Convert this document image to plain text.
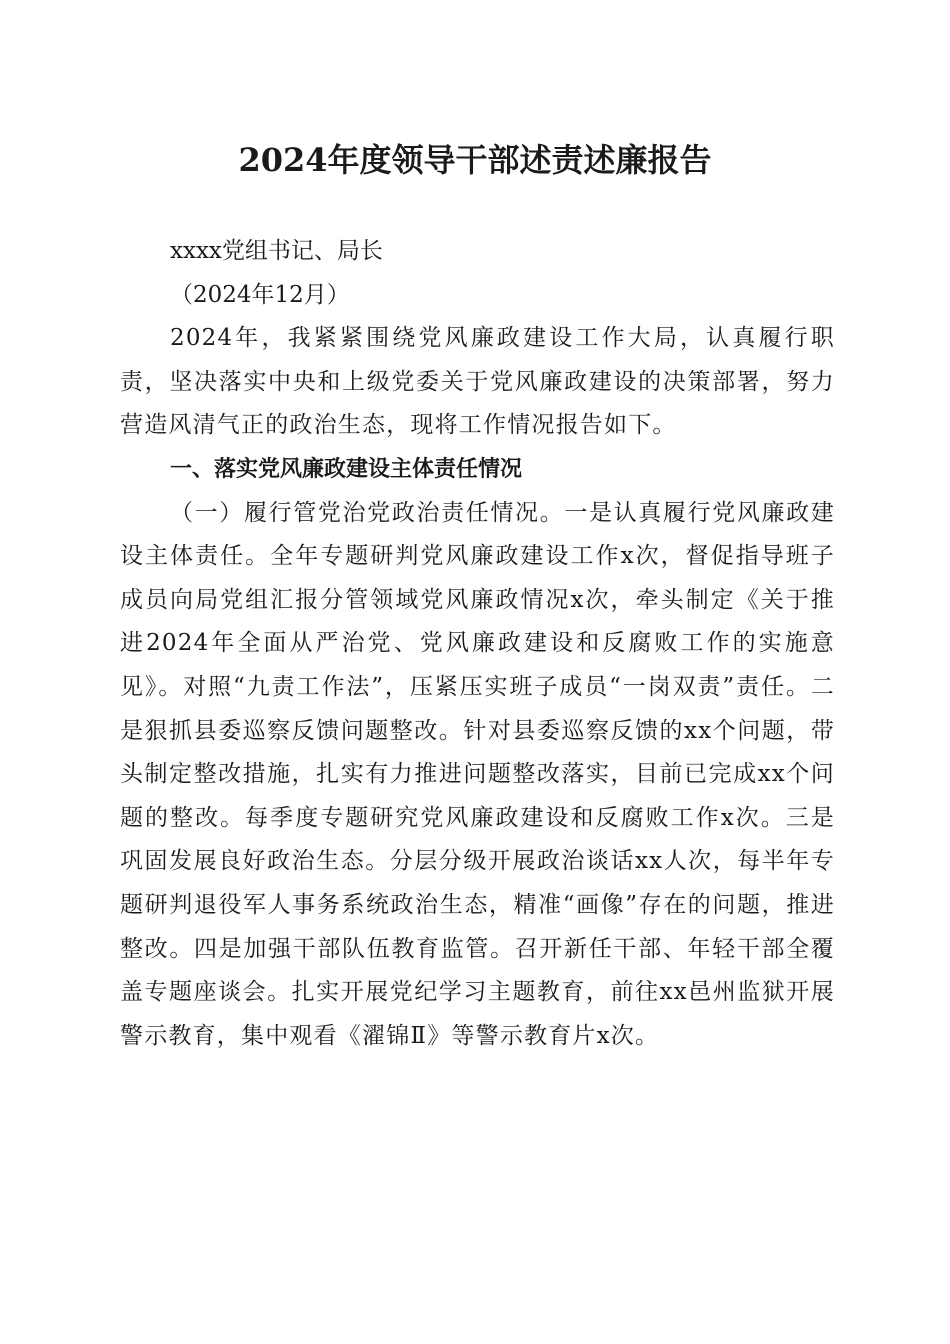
2024年度领导干部述责述廉报告

xxxx党组书记、局长

（2024年12月）

2024年，我紧紧围绕党风廉政建设工作大局，认真履行职责，坚决落实中央和上级党委关于党风廉政建设的决策部署，努力营造风清气正的政治生态，现将工作情况报告如下。

一、落实党风廉政建设主体责任情况

（一）履行管党治党政治责任情况。一是认真履行党风廉政建设主体责任。全年专题研判党风廉政建设工作x次，督促指导班子成员向局党组汇报分管领域党风廉政情况x次，牵头制定《关于推进2024年全面从严治党、党风廉政建设和反腐败工作的实施意见》。对照“九责工作法”，压紧压实班子成员“一岗双责”责任。二是狠抓县委巡察反馈问题整改。针对县委巡察反馈的xx个问题，带头制定整改措施，扎实有力推进问题整改落实，目前已完成xx个问题的整改。每季度专题研究党风廉政建设和反腐败工作x次。三是巩固发展良好政治生态。分层分级开展政治谈话xx人次，每半年专题研判退役军人事务系统政治生态，精准“画像”存在的问题，推进整改。四是加强干部队伍教育监管。召开新任干部、年轻干部全覆盖专题座谈会。扎实开展党纪学习主题教育，前往xx邑州监狱开展警示教育，集中观看《濯锦Ⅱ》等警示教育片x次。
